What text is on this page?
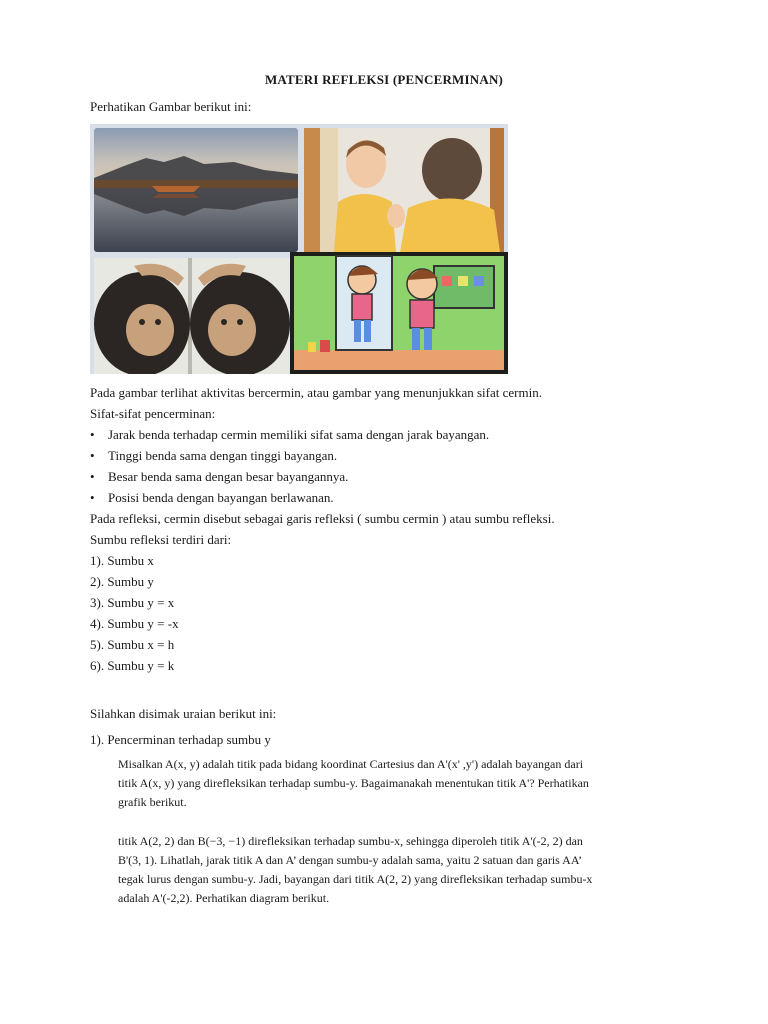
MATERI REFLEKSI (PENCERMINAN)
Perhatikan Gambar berikut ini:
Pada gambar terlihat aktivitas bercermin, atau gambar yang menunjukkan sifat cermin.
Sifat-sifat pencerminan:
• Jarak benda terhadap cermin memiliki sifat sama dengan jarak bayangan.
• Tinggi benda sama dengan tinggi bayangan.
• Besar benda sama dengan besar bayangannya.
• Posisi benda dengan bayangan berlawanan.
Pada refleksi, cermin disebut sebagai garis refleksi ( sumbu cermin ) atau sumbu refleksi.
Sumbu refleksi terdiri dari:
1). Sumbu x
2). Sumbu y
3). Sumbu y = x
4). Sumbu y = -x
5). Sumbu x = h
6). Sumbu y = k
Silahkan disimak uraian berikut ini:
1). Pencerminan terhadap sumbu y
Misalkan A(x, y) adalah titik pada bidang koordinat Cartesius dan A'(x' ,y') adalah bayangan dari
titik A(x, y) yang direfleksikan terhadap sumbu-y. Bagaimanakah menentukan titik A'? Perhatikan
grafik berikut.
titik A(2, 2) dan B(−3, −1) direfleksikan terhadap sumbu-x, sehingga diperoleh titik A'(-2, 2) dan
B'(3, 1). Lihatlah, jarak titik A dan A’ dengan sumbu-y adalah sama, yaitu 2 satuan dan garis AA’
tegak lurus dengan sumbu-y. Jadi, bayangan dari titik A(2, 2) yang direfleksikan terhadap sumbu-x
adalah A'(-2,2). Perhatikan diagram berikut.
